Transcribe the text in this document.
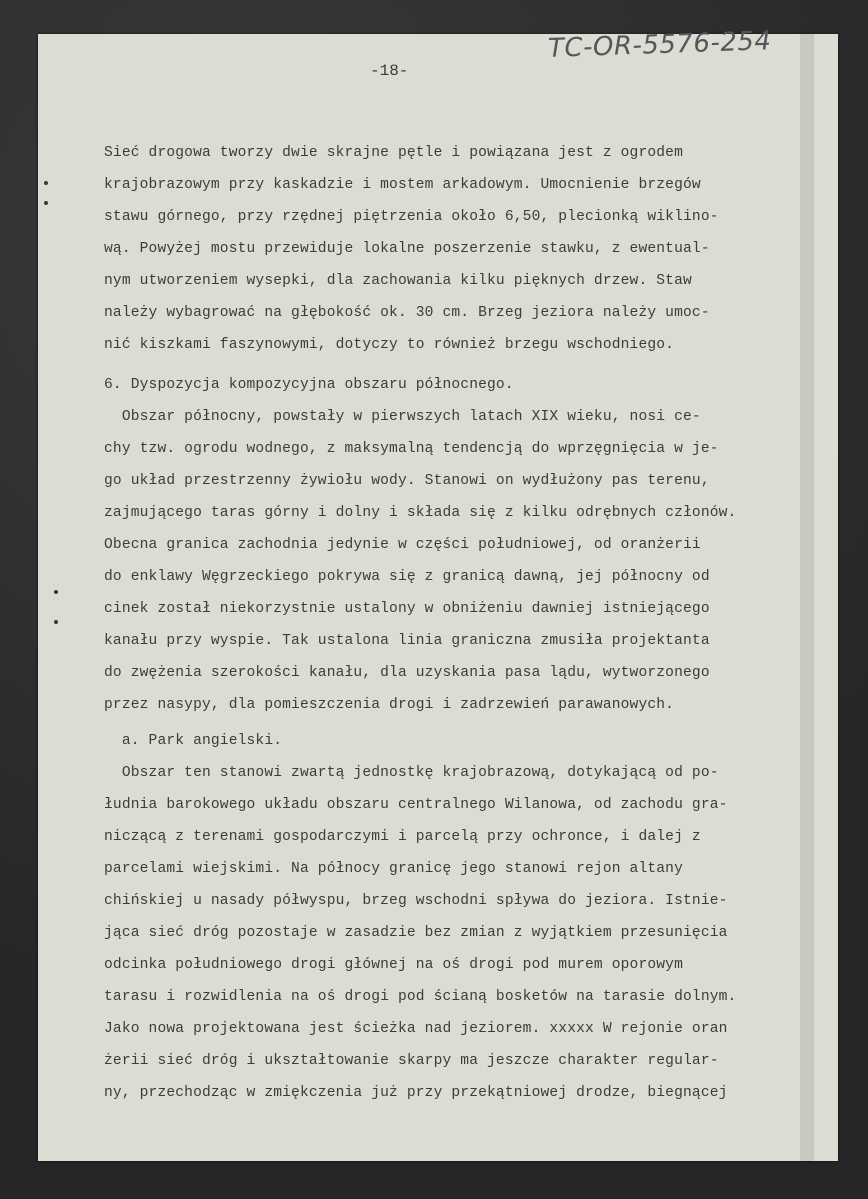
TC-OR-5576-254
-18-
Sieć drogowa tworzy dwie skrajne pętle i powiązana jest z ogrodem
krajobrazowym przy kaskadzie i mostem arkadowym. Umocnienie brzegów
stawu górnego, przy rzędnej piętrzenia około 6,50, plecionką wiklino-
wą. Powyżej mostu przewiduje lokalne poszerzenie stawku, z ewentual-
nym utworzeniem wysepki, dla zachowania kilku pięknych drzew. Staw
należy wybagrować na głębokość ok. 30 cm. Brzeg jeziora należy umoc-
nić kiszkami faszynowymi, dotyczy to również brzegu wschodniego.
6. Dyspozycja kompozycyjna obszaru północnego.
Obszar północny, powstały w pierwszych latach XIX wieku, nosi ce-
chy tzw. ogrodu wodnego, z maksymalną tendencją do wprzęgnięcia w je-
go układ przestrzenny żywiołu wody. Stanowi on wydłużony pas terenu,
zajmującego taras górny i dolny i składa się z kilku odrębnych członów.
Obecna granica zachodnia jedynie w części południowej, od oranżerii
do enklawy Węgrzeckiego pokrywa się z granicą dawną, jej północny od
cinek został niekorzystnie ustalony w obniżeniu dawniej istniejącego
kanału przy wyspie. Tak ustalona linia graniczna zmusiła projektanta
do zwężenia szerokości kanału, dla uzyskania pasa lądu, wytworzonego
przez nasypy, dla pomieszczenia drogi i zadrzewień parawanowych.
a. Park angielski.
Obszar ten stanowi zwartą jednostkę krajobrazową, dotykającą od po-
łudnia barokowego układu obszaru centralnego Wilanowa, od zachodu gra-
niczącą z terenami gospodarczymi i parcelą przy ochronce, i dalej z
parcelami wiejskimi. Na północy granicę jego stanowi rejon altany
chińskiej u nasady półwyspu, brzeg wschodni spływa do jeziora. Istnie-
jąca sieć dróg pozostaje w zasadzie bez zmian z wyjątkiem przesunięcia
odcinka południowego drogi głównej na oś drogi pod murem oporowym
tarasu i rozwidlenia na oś drogi pod ścianą bosketów na tarasie dolnym.
Jako nowa projektowana jest ścieżka nad jeziorem. xxxxx W rejonie oran
żerii sieć dróg i ukształtowanie skarpy ma jeszcze charakter regular-
ny, przechodząc w zmiękczenia już przy przekątniowej drodze, biegnącej
